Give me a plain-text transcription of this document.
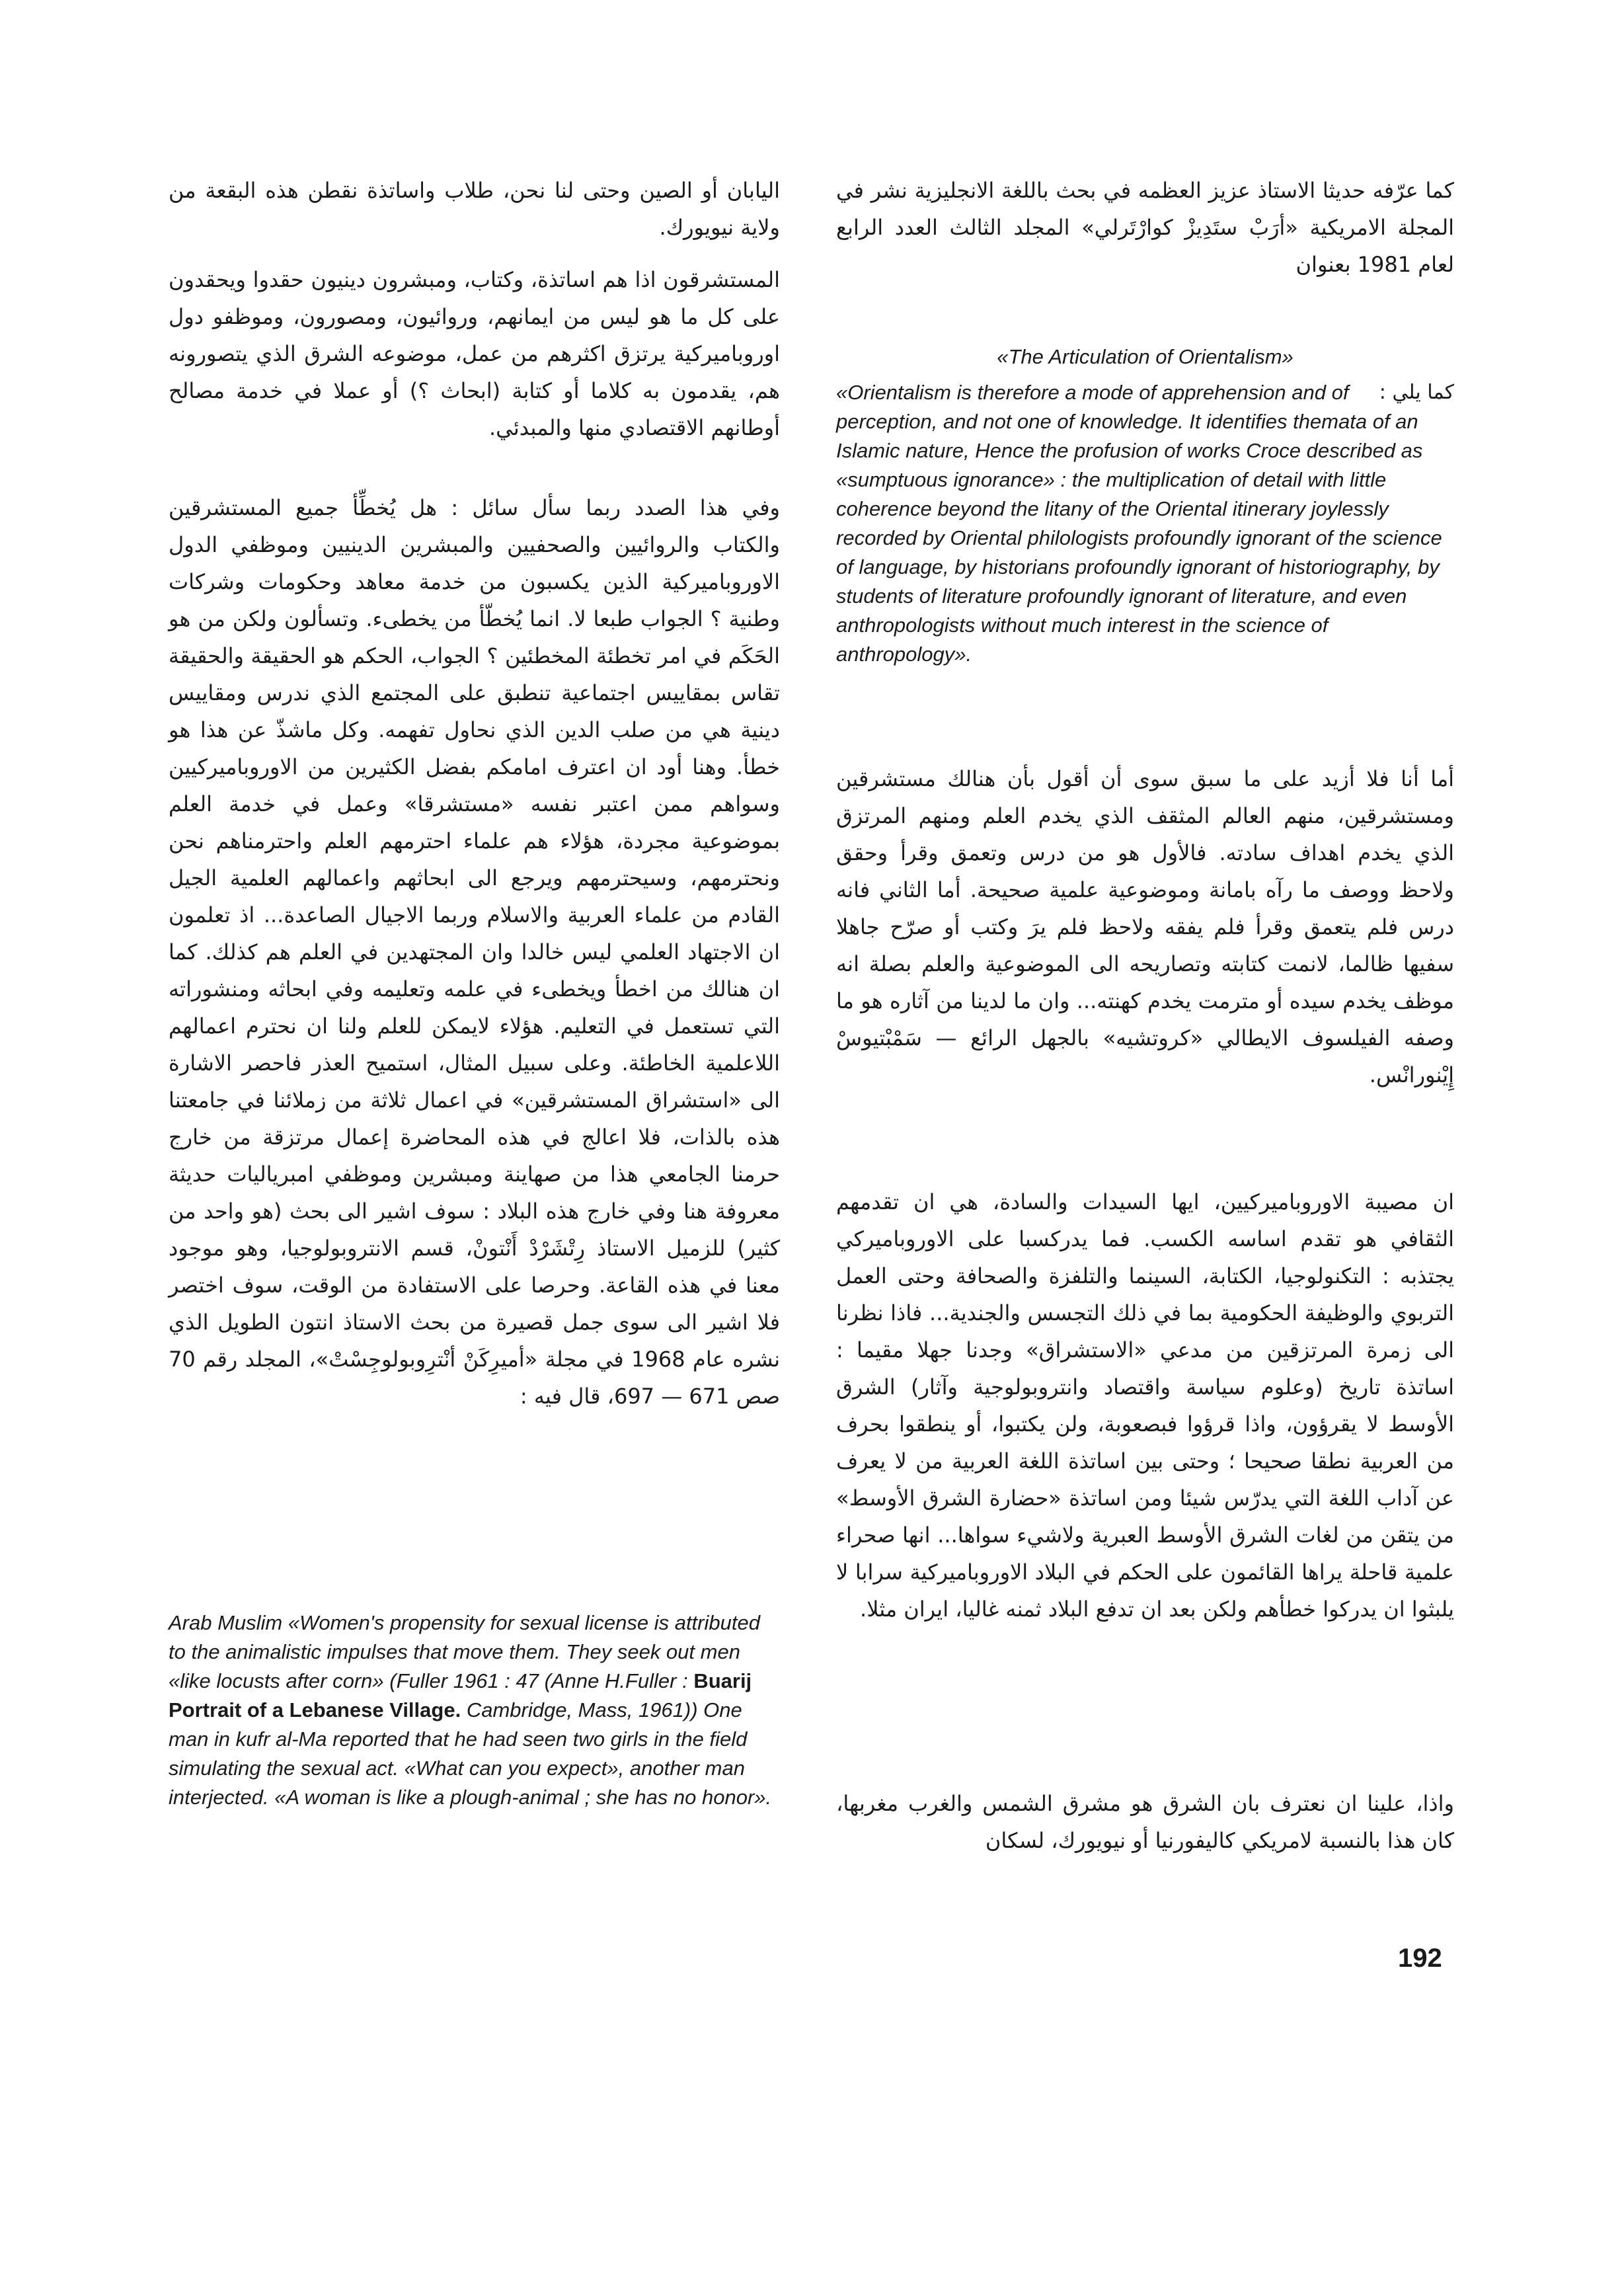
كما عرّفه حديثا الاستاذ عزيز العظمه في بحث باللغة الانجليزية نشر في المجلة الامريكية «أرَبْ ستَدِيزْ كوارْتَرلي» المجلد الثالث العدد الرابع لعام 1981 بعنوان

«The Articulation of Orientalism»

كما يلي :
«Orientalism is therefore a mode of apprehension and of perception, and not one of knowledge. It identifies themata of an Islamic nature, Hence the profusion of works Croce described as «sumptuous ignorance» : the multiplication of detail with little coherence beyond the litany of the Oriental itinerary joylessly recorded by Oriental philologists profoundly ignorant of the science of language, by historians profoundly ignorant of historiography, by students of literature profoundly ignorant of literature, and even anthropologists without much interest in the science of anthropology».

أما أنا فلا أزيد على ما سبق سوى أن أقول بأن هنالك مستشرقين ومستشرقين، منهم العالم المثقف الذي يخدم العلم ومنهم المرتزق الذي يخدم اهداف سادته. فالأول هو من درس وتعمق وقرأ وحقق ولاحظ ووصف ما رآه بامانة وموضوعية علمية صحيحة. أما الثاني فانه درس فلم يتعمق وقرأ فلم يفقه ولاحظ فلم يرَ وكتب أو صرّح جاهلا سفيها ظالما، لانمت كتابته وتصاريحه الى الموضوعية والعلم بصلة انه موظف يخدم سيده أو مترمت يخدم كهنته... وان ما لدينا من آثاره هو ما وصفه الفيلسوف الايطالي «كروتشيه» بالجهل الرائع — سَمْبْتيوسْ إِيْنورانْس.

ان مصيبة الاوروباميركيين، ايها السيدات والسادة، هي ان تقدمهم الثقافي هو تقدم اساسه الكسب. فما يدركسبا على الاوروباميركي يجتذبه : التكنولوجيا، الكتابة، السينما والتلفزة والصحافة وحتى العمل التربوي والوظيفة الحكومية بما في ذلك التجسس والجندية... فاذا نظرنا الى زمرة المرتزقين من مدعي «الاستشراق» وجدنا جهلا مقيما : اساتذة تاريخ (وعلوم سياسة واقتصاد وانتروبولوجية وآثار) الشرق الأوسط لا يقرؤون، واذا قرؤوا فبصعوبة، ولن يكتبوا، أو ينطقوا بحرف من العربية نطقا صحيحا ؛ وحتى بين اساتذة اللغة العربية من لا يعرف عن آداب اللغة التي يدرّس شيئا ومن اساتذة «حضارة الشرق الأوسط» من يتقن من لغات الشرق الأوسط العبرية ولاشيء سواها... انها صحراء علمية قاحلة يراها القائمون على الحكم في البلاد الاوروباميركية سرابا لا يلبثوا ان يدركوا خطأهم ولكن بعد ان تدفع البلاد ثمنه غاليا، ايران مثلا.

واذا، علينا ان نعترف بان الشرق هو مشرق الشمس والغرب مغربها، كان هذا بالنسبة لامريكي كاليفورنيا أو نيويورك، لسكان

اليابان أو الصين وحتى لنا نحن، طلاب واساتذة نقطن هذه البقعة من ولاية نيويورك.

المستشرقون اذا هم اساتذة، وكتاب، ومبشرون دينيون حقدوا ويحقدون على كل ما هو ليس من ايمانهم، وروائيون، ومصورون، وموظفو دول اوروباميركية يرتزق اكثرهم من عمل، موضوعه الشرق الذي يتصورونه هم، يقدمون به كلاما أو كتابة (ابحاث ؟) أو عملا في خدمة مصالح أوطانهم الاقتصادي منها والمبدئي.

وفي هذا الصدد ربما سأل سائل : هل يُخطِّأ جميع المستشرقين والكتاب والروائيين والصحفيين والمبشرين الدينيين وموظفي الدول الاوروباميركية الذين يكسبون من خدمة معاهد وحكومات وشركات وطنية ؟ الجواب طبعا لا. انما يُخطّأ من يخطىء. وتسألون ولكن من هو الحَكَم في امر تخطئة المخطئين ؟ الجواب، الحكم هو الحقيقة والحقيقة تقاس بمقاييس اجتماعية تنطبق على المجتمع الذي ندرس ومقاييس دينية هي من صلب الدين الذي نحاول تفهمه. وكل ماشذّ عن هذا هو خطأ. وهنا أود ان اعترف امامكم بفضل الكثيرين من الاوروباميركيين وسواهم ممن اعتبر نفسه «مستشرقا» وعمل في خدمة العلم بموضوعية مجردة، هؤلاء هم علماء احترمهم العلم واحترمناهم نحن ونحترمهم، وسيحترمهم ويرجع الى ابحاثهم واعمالهم العلمية الجيل القادم من علماء العربية والاسلام وربما الاجيال الصاعدة... اذ تعلمون ان الاجتهاد العلمي ليس خالدا وان المجتهدين في العلم هم كذلك. كما ان هنالك من اخطأ ويخطىء في علمه وتعليمه وفي ابحاثه ومنشوراته التي تستعمل في التعليم. هؤلاء لايمكن للعلم ولنا ان نحترم اعمالهم اللاعلمية الخاطئة. وعلى سبيل المثال، استميح العذر فاحصر الاشارة الى «استشراق المستشرقين» في اعمال ثلاثة من زملائنا في جامعتنا هذه بالذات، فلا اعالج في هذه المحاضرة إعمال مرتزقة من خارج حرمنا الجامعي هذا من صهاينة ومبشرين وموظفي امبرياليات حديثة معروفة هنا وفي خارج هذه البلاد : سوف اشير الى بحث (هو واحد من كثير) للزميل الاستاذ رِتْشَرْدْ أَنْتونْ، قسم الانتروبولوجيا، وهو موجود معنا في هذه القاعة. وحرصا على الاستفادة من الوقت، سوف اختصر فلا اشير الى سوى جمل قصيرة من بحث الاستاذ انتون الطويل الذي نشره عام 1968 في مجلة «أميرِكَنْ أنْترِوبولوجِسْتْ»، المجلد رقم 70 صص 671 — 697، قال فيه :

Arab Muslim «Women's propensity for sexual license is attributed to the animalistic impulses that move them. They seek out men «like locusts after corn» (Fuller 1961 : 47 (Anne H.Fuller : Buarij Portrait of a Lebanese Village. Cambridge, Mass, 1961)) One man in kufr al-Ma reported that he had seen two girls in the field simulating the sexual act. «What can you expect», another man interjected. «A woman is like a plough-animal ; she has no honor».

192
